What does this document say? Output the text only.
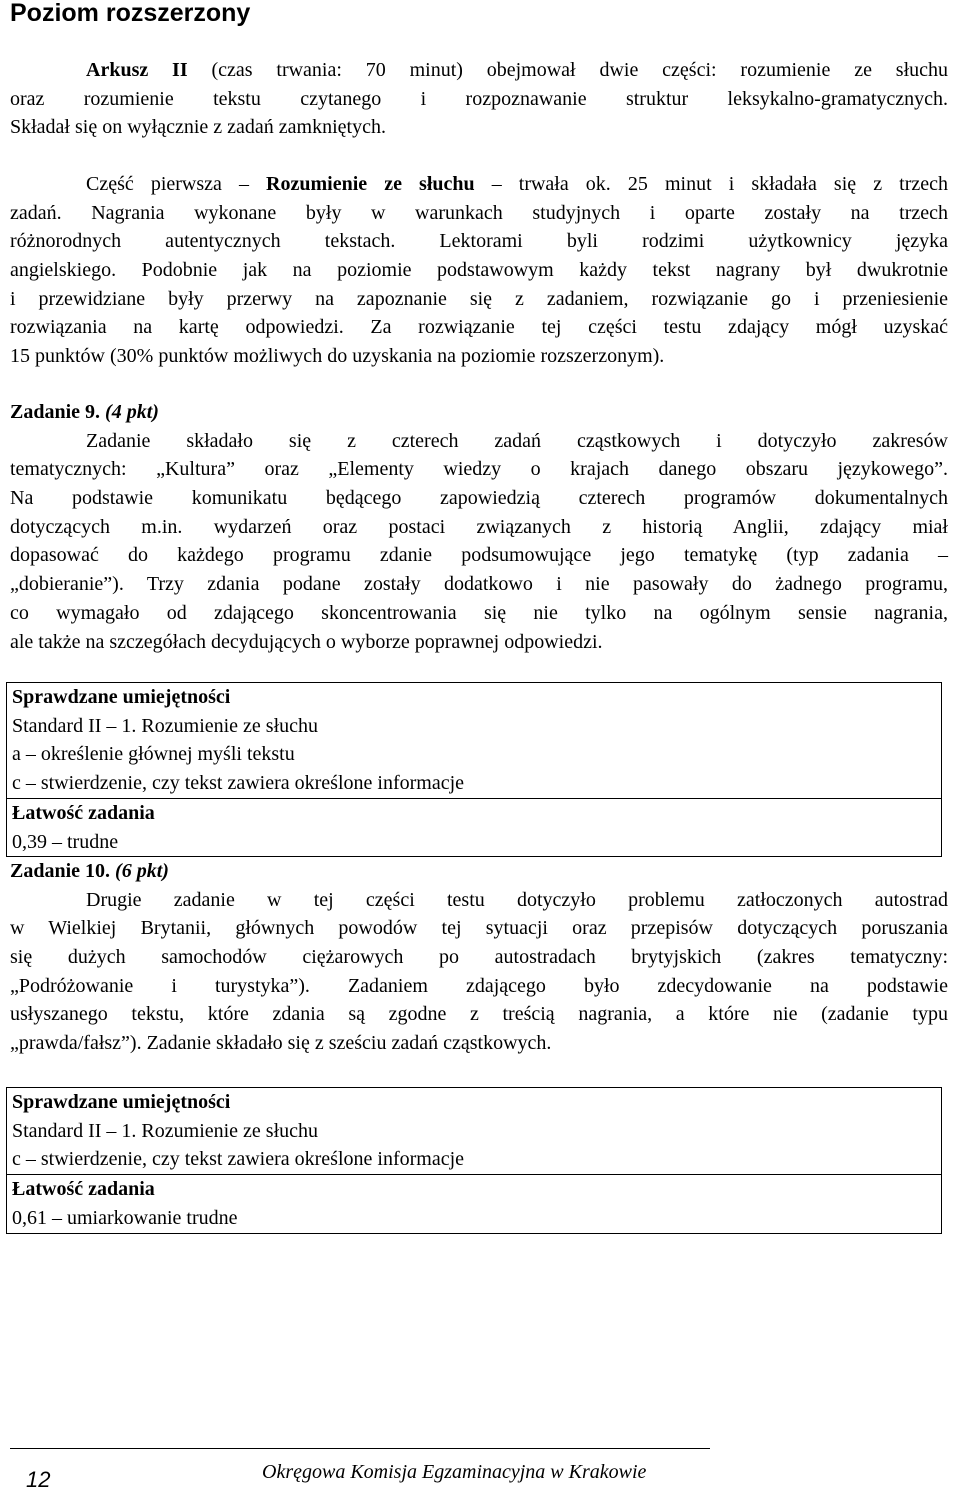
Poziom rozszerzony
Arkusz II (czas trwania: 70 minut) obejmował dwie części: rozumienie ze słuchu
oraz rozumienie tekstu czytanego i rozpoznawanie struktur leksykalno-gramatycznych.
Składał się on wyłącznie z zadań zamkniętych.
Część pierwsza – Rozumienie ze słuchu – trwała ok. 25 minut i składała się z trzech
zadań. Nagrania wykonane były w warunkach studyjnych i oparte zostały na trzech
różnorodnych autentycznych tekstach. Lektorami byli rodzimi użytkownicy języka
angielskiego. Podobnie jak na poziomie podstawowym każdy tekst nagrany był dwukrotnie
i przewidziane były przerwy na zapoznanie się z zadaniem, rozwiązanie go i przeniesienie
rozwiązania na kartę odpowiedzi. Za rozwiązanie tej części testu zdający mógł uzyskać
15 punktów (30% punktów możliwych do uzyskania na poziomie rozszerzonym).
Zadanie 9. (4 pkt)
Zadanie składało się z czterech zadań cząstkowych i dotyczyło zakresów
tematycznych: „Kultura” oraz „Elementy wiedzy o krajach danego obszaru językowego”.
Na podstawie komunikatu będącego zapowiedzią czterech programów dokumentalnych
dotyczących m.in. wydarzeń oraz postaci związanych z historią Anglii, zdający miał
dopasować do każdego programu zdanie podsumowujące jego tematykę (typ zadania –
„dobieranie”). Trzy zdania podane zostały dodatkowo i nie pasowały do żadnego programu,
co wymagało od zdającego skoncentrowania się nie tylko na ogólnym sensie nagrania,
ale także na szczegółach decydujących o wyborze poprawnej odpowiedzi.
Sprawdzane umiejętności
Standard II – 1. Rozumienie ze słuchu
a – określenie głównej myśli tekstu
c – stwierdzenie, czy tekst zawiera określone informacje
Łatwość zadania
0,39 – trudne
Zadanie 10. (6 pkt)
Drugie zadanie w tej części testu dotyczyło problemu zatłoczonych autostrad
w Wielkiej Brytanii, głównych powodów tej sytuacji oraz przepisów dotyczących poruszania
się dużych samochodów ciężarowych po autostradach brytyjskich (zakres tematyczny:
„Podróżowanie i turystyka”). Zadaniem zdającego było zdecydowanie na podstawie
usłyszanego tekstu, które zdania są zgodne z treścią nagrania, a które nie (zadanie typu
„prawda/fałsz”). Zadanie składało się z sześciu zadań cząstkowych.
Sprawdzane umiejętności
Standard II – 1. Rozumienie ze słuchu
c – stwierdzenie, czy tekst zawiera określone informacje
Łatwość zadania
0,61 – umiarkowanie trudne
12	Okręgowa Komisja Egzaminacyjna w Krakowie
